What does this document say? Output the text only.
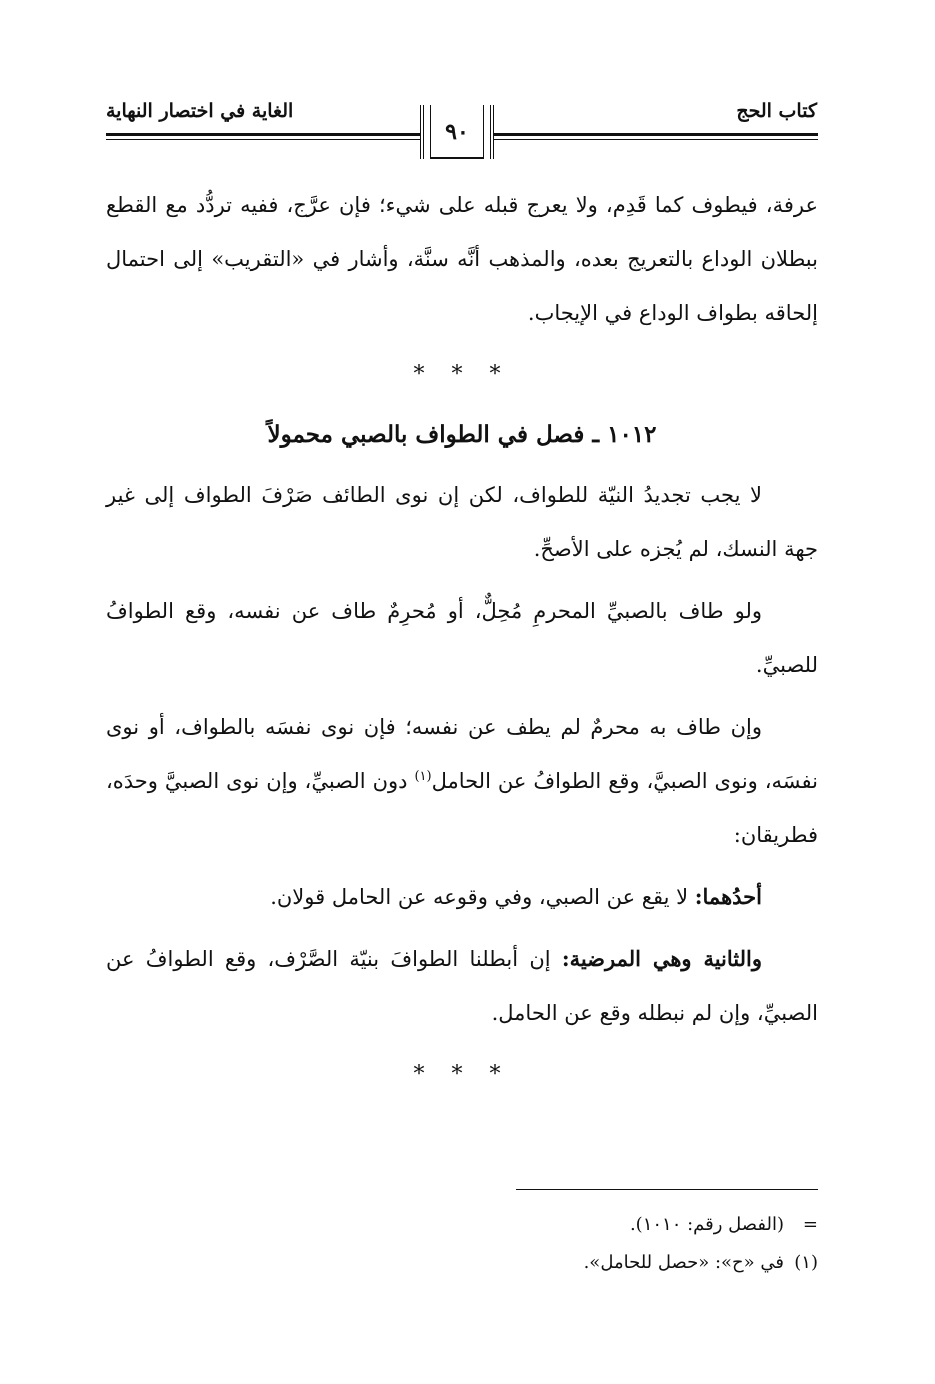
كتاب الحج
الغاية في اختصار النهاية
٩٠

عرفة، فيطوف كما قَدِم، ولا يعرج قبله على شيء؛ فإن عرَّج، ففيه تردُّد مع القطع ببطلان الوداع بالتعريج بعده، والمذهب أنَّه سنَّة، وأشار في «التقريب» إلى احتمال إلحاقه بطواف الوداع في الإيجاب.

* * *
١٠١٢ ـ فصل في الطواف بالصبي محمولاً

لا يجب تجديدُ النيّة للطواف، لكن إن نوى الطائف صَرْفَ الطواف إلى غير جهة النسك، لم يُجزه على الأصحِّ.

ولو طاف بالصبيِّ المحرمِ مُحِلٌّ، أو مُحرِمٌ طاف عن نفسه، وقع الطوافُ للصبيِّ.

وإن طاف به محرمٌ لم يطف عن نفسه؛ فإن نوى نفسَه بالطواف، أو نوى نفسَه، ونوى الصبيَّ، وقع الطوافُ عن الحامل$^{(١)}$ دون الصبيِّ، وإن نوى الصبيَّ وحدَه، فطريقان:

أحدُهما: لا يقع عن الصبي، وفي وقوعه عن الحامل قولان.

والثانية وهي المرضية: إن أبطلنا الطوافَ بنيّة الصَّرْف، وقع الطوافُ عن الصبيِّ، وإن لم نبطله وقع عن الحامل.

* * *
=(الفصل رقم: ١٠١٠).
(١)في «ح»: «حصل للحامل».
